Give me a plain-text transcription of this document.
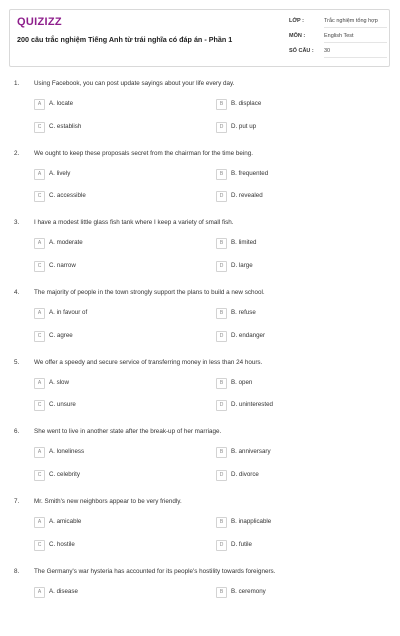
QUIZIZZ
200 câu trắc nghiệm Tiếng Anh từ trái nghĩa có đáp án - Phần 1
LỚP :	Trắc nghiệm tổng hợp
MÔN :	English Test
SỐ CÂU : 30
1. Using Facebook, you can post update sayings about your life every day.
A	A. locate	B	B. displace
C	C. establish	D	D. put up
2. We ought to keep these proposals secret from the chairman for the time being.
A	A. lively	B	B. frequented
C	C. accessible	D	D. revealed
3. I have a modest little glass fish tank where I keep a variety of small fish.
A	A. moderate	B	B. limited
C	C. narrow	D	D. large
4. The majority of people in the town strongly support the plans to build a new school.
A	A. in favour of	B	B. refuse
C	C. agree	D	D. endanger
5. We offer a speedy and secure service of transferring money in less than 24 hours.
A	A. slow	B	B. open
C	C. unsure	D	D. uninterested
6. She went to live in another state after the break-up of her marriage.
A	A. loneliness	B	B. anniversary
C	C. celebrity	D	D. divorce
7. Mr. Smith's new neighbors appear to be very friendly.
A	A. amicable	B	B. inapplicable
C	C. hostile	D	D. futile
8. The Germany's war hysteria has accounted for its people's hostility towards foreigners.
A	A. disease	B	B. ceremony
